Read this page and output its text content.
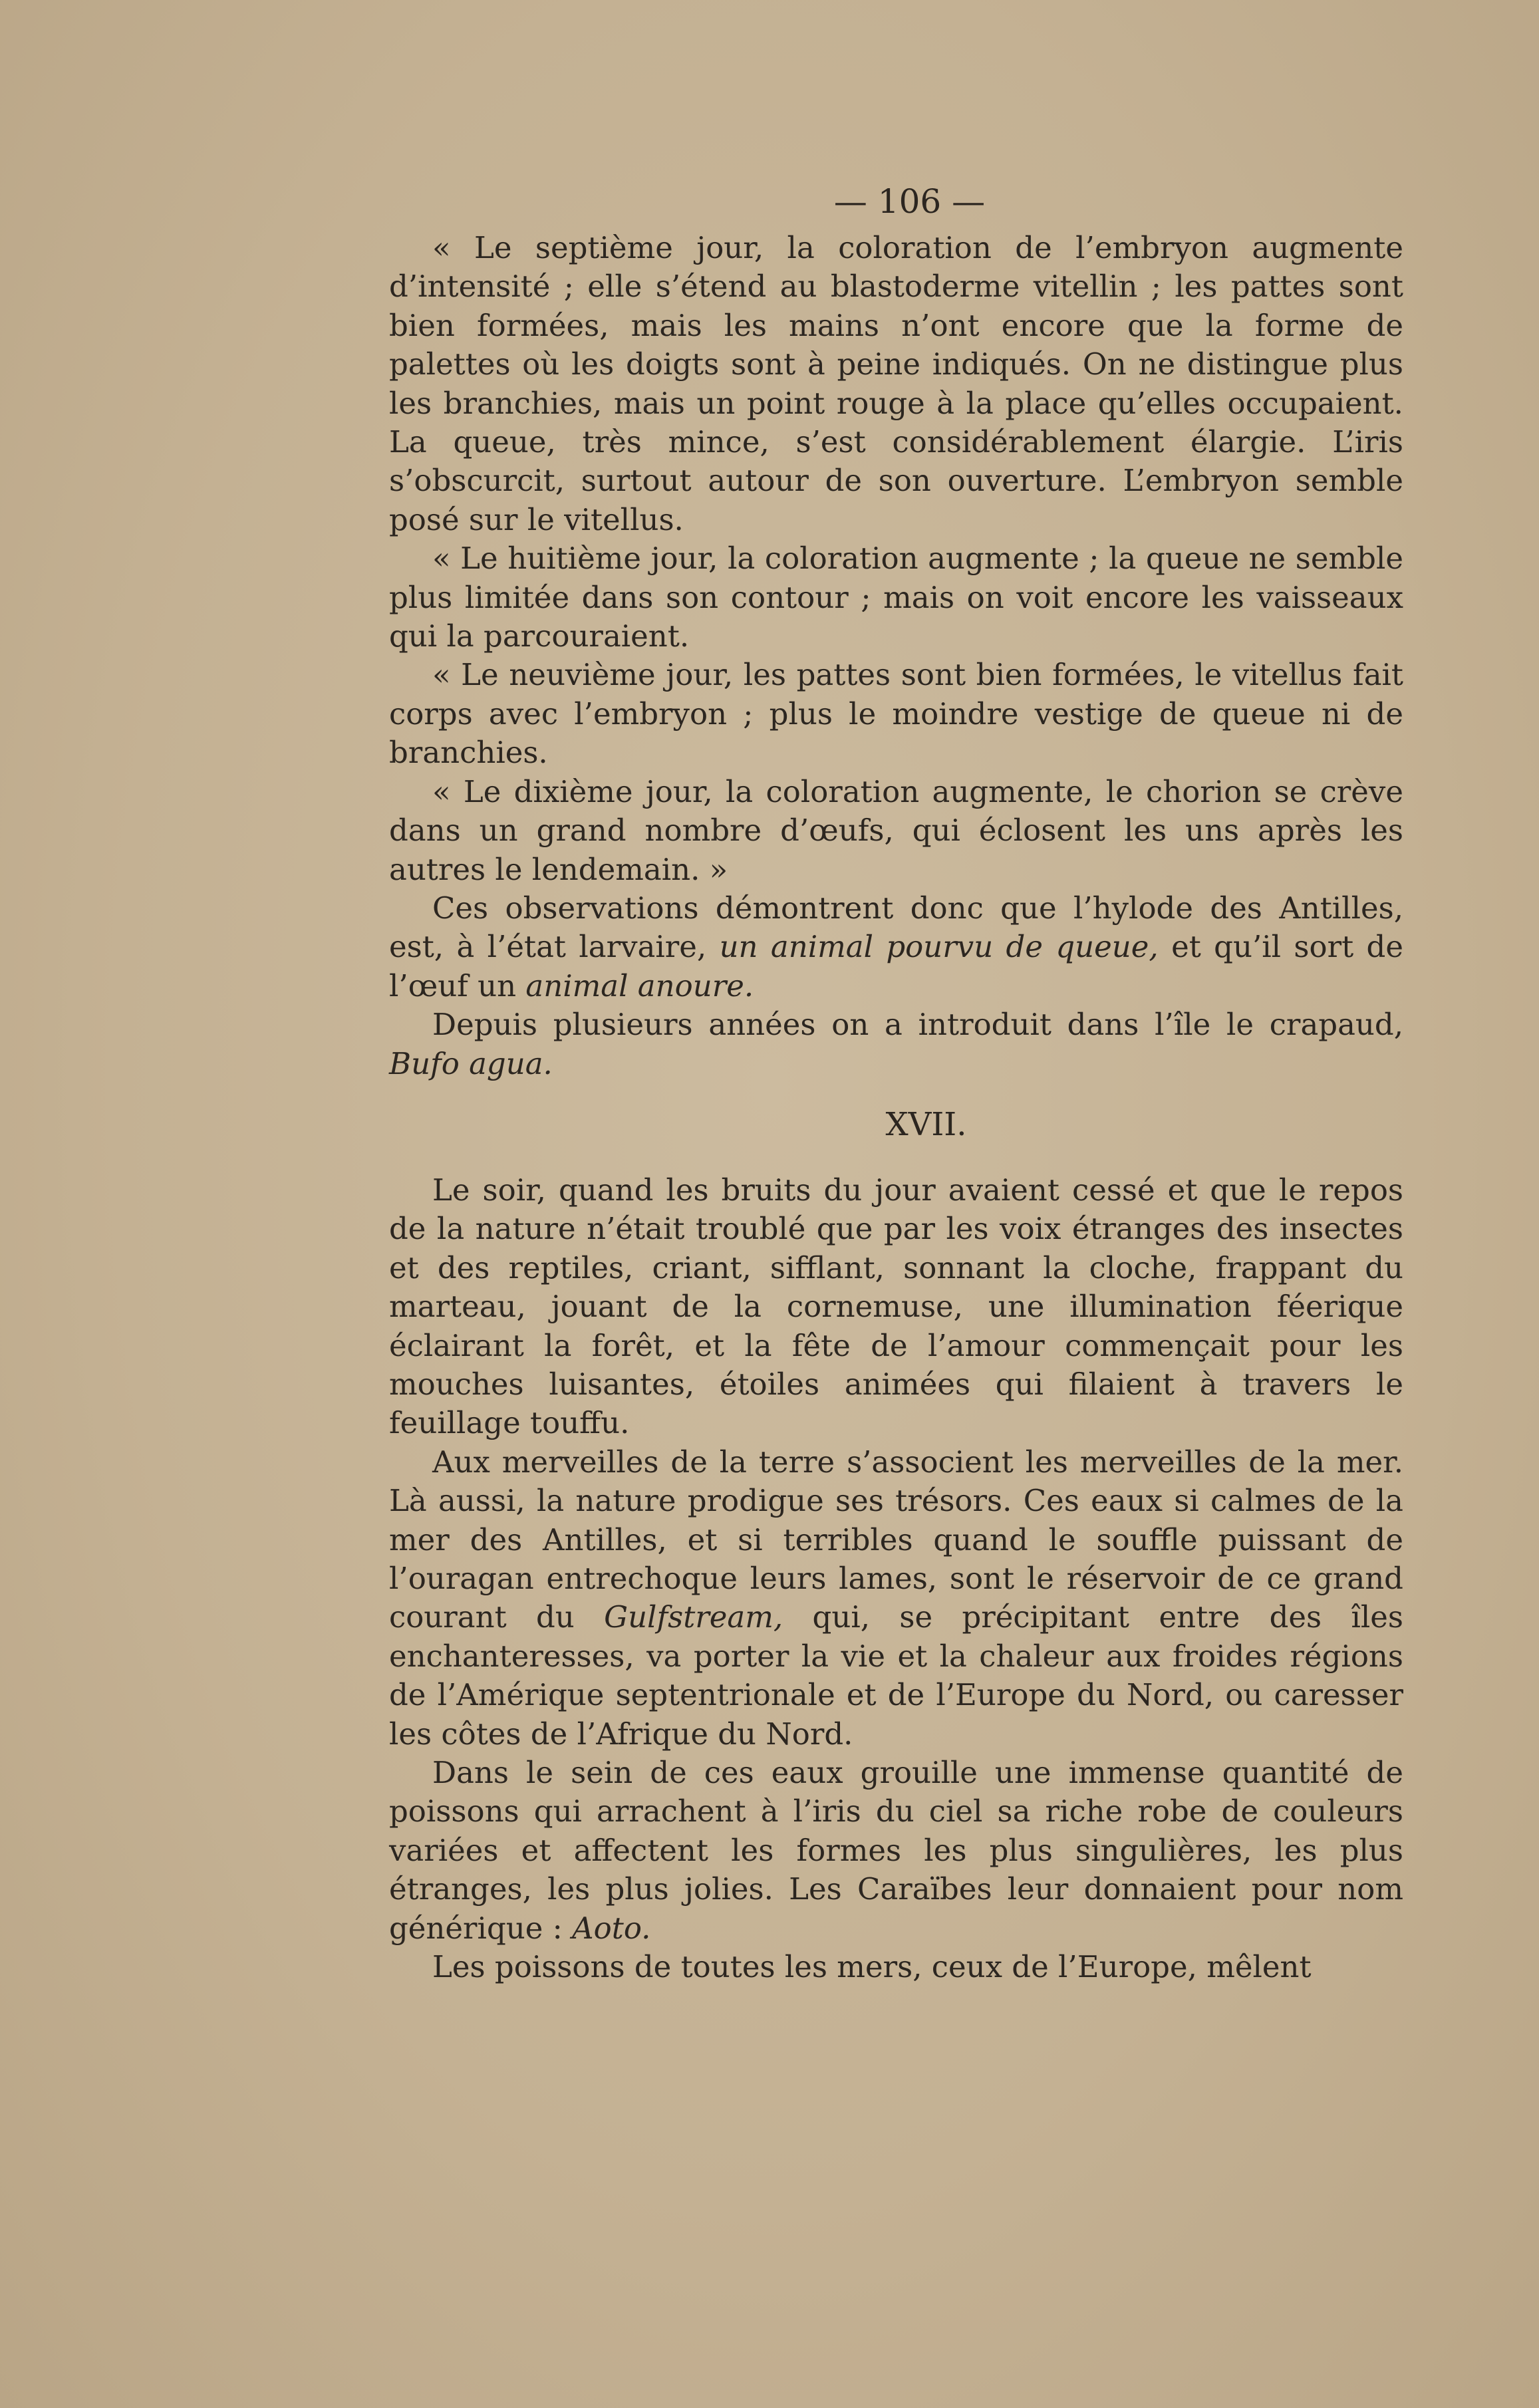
— 106 —

« Le septième jour, la coloration de l’embryon augmente d’intensité ; elle s’étend au blastoderme vitellin ; les pattes sont bien formées, mais les mains n’ont encore que la forme de palettes où les doigts sont à peine indiqués. On ne distingue plus les branchies, mais un point rouge à la place qu’elles occupaient. La queue, très mince, s’est considérablement élargie. L’iris s’obscurcit, surtout autour de son ouverture. L’embryon semble posé sur le vitellus.

« Le huitième jour, la coloration augmente ; la queue ne semble plus limitée dans son contour ; mais on voit encore les vaisseaux qui la parcouraient.

« Le neuvième jour, les pattes sont bien formées, le vitellus fait corps avec l’embryon ; plus le moindre vestige de queue ni de branchies.

« Le dixième jour, la coloration augmente, le chorion se crève dans un grand nombre d’œufs, qui éclosent les uns après les autres le lendemain. »

Ces observations démontrent donc que l’hylode des Antilles, est, à l’état larvaire, un animal pourvu de queue, et qu’il sort de l’œuf un animal anoure.

Depuis plusieurs années on a introduit dans l’île le crapaud, Bufo agua.

XVII.

Le soir, quand les bruits du jour avaient cessé et que le repos de la nature n’était troublé que par les voix étranges des insectes et des reptiles, criant, sifflant, sonnant la cloche, frappant du marteau, jouant de la cornemuse, une illumination féerique éclairant la forêt, et la fête de l’amour commençait pour les mouches luisantes, étoiles animées qui filaient à travers le feuillage touffu.

Aux merveilles de la terre s’associent les merveilles de la mer. Là aussi, la nature prodigue ses trésors. Ces eaux si calmes de la mer des Antilles, et si terribles quand le souffle puissant de l’ouragan entrechoque leurs lames, sont le réservoir de ce grand courant du Gulfstream, qui, se précipitant entre des îles enchanteresses, va porter la vie et la chaleur aux froides régions de l’Amérique septentrionale et de l’Europe du Nord, ou caresser les côtes de l’Afrique du Nord.

Dans le sein de ces eaux grouille une immense quantité de poissons qui arrachent à l’iris du ciel sa riche robe de couleurs variées et affectent les formes les plus singulières, les plus étranges, les plus jolies. Les Caraïbes leur donnaient pour nom générique : Aoto.

Les poissons de toutes les mers, ceux de l’Europe, mêlent
